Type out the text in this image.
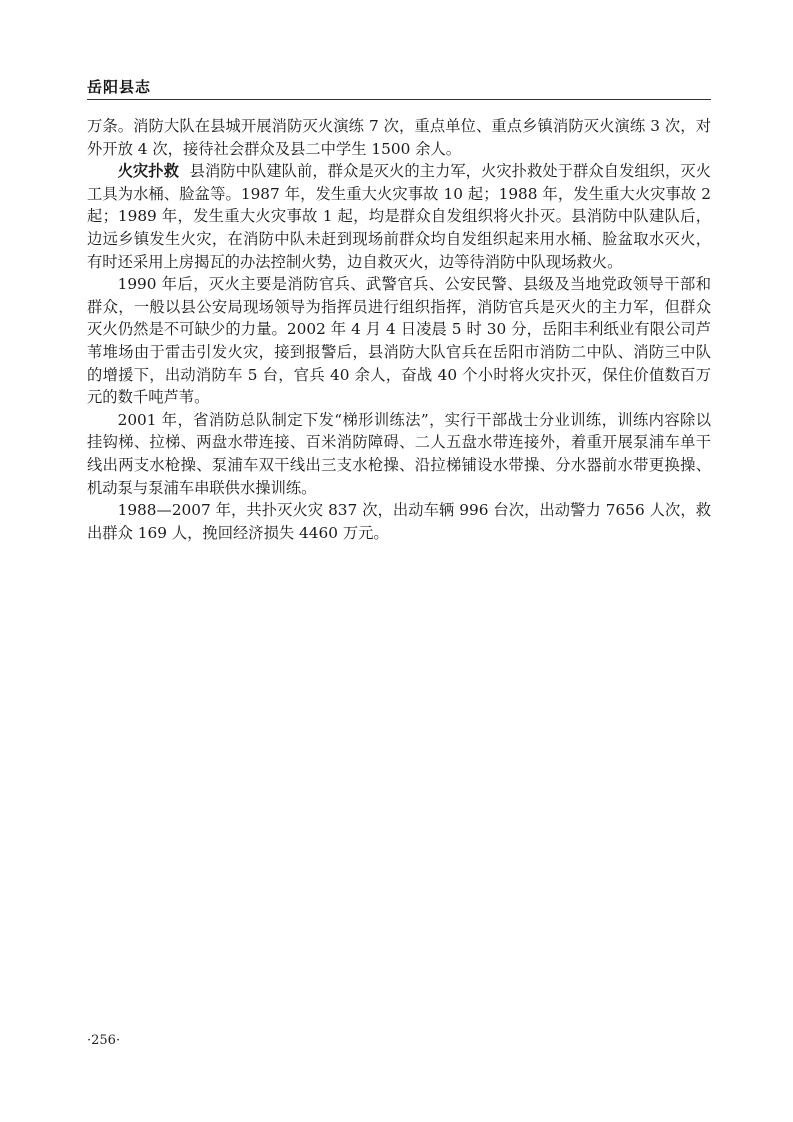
岳阳县志

万条。消防大队在县城开展消防灭火演练 7 次，重点单位、重点乡镇消防灭火演练 3 次，对外开放 4 次，接待社会群众及县二中学生 1500 余人。

火灾扑救 县消防中队建队前，群众是灭火的主力军，火灾扑救处于群众自发组织，灭火工具为水桶、脸盆等。1987 年，发生重大火灾事故 10 起；1988 年，发生重大火灾事故 2 起；1989 年，发生重大火灾事故 1 起，均是群众自发组织将火扑灭。县消防中队建队后，边远乡镇发生火灾，在消防中队未赶到现场前群众均自发组织起来用水桶、脸盆取水灭火，有时还采用上房揭瓦的办法控制火势，边自救灭火，边等待消防中队现场救火。

1990 年后，灭火主要是消防官兵、武警官兵、公安民警、县级及当地党政领导干部和群众，一般以县公安局现场领导为指挥员进行组织指挥，消防官兵是灭火的主力军，但群众灭火仍然是不可缺少的力量。2002 年 4 月 4 日凌晨 5 时 30 分，岳阳丰利纸业有限公司芦苇堆场由于雷击引发火灾，接到报警后，县消防大队官兵在岳阳市消防二中队、消防三中队的增援下，出动消防车 5 台，官兵 40 余人，奋战 40 个小时将火灾扑灭，保住价值数百万元的数千吨芦苇。

2001 年，省消防总队制定下发“梯形训练法”，实行干部战士分业训练，训练内容除以挂钩梯、拉梯、两盘水带连接、百米消防障碍、二人五盘水带连接外，着重开展泵浦车单干线出两支水枪操、泵浦车双干线出三支水枪操、沿拉梯铺设水带操、分水器前水带更换操、机动泵与泵浦车串联供水操训练。

1988—2007 年，共扑灭火灾 837 次，出动车辆 996 台次，出动警力 7656 人次，救出群众 169 人，挽回经济损失 4460 万元。

·256·
